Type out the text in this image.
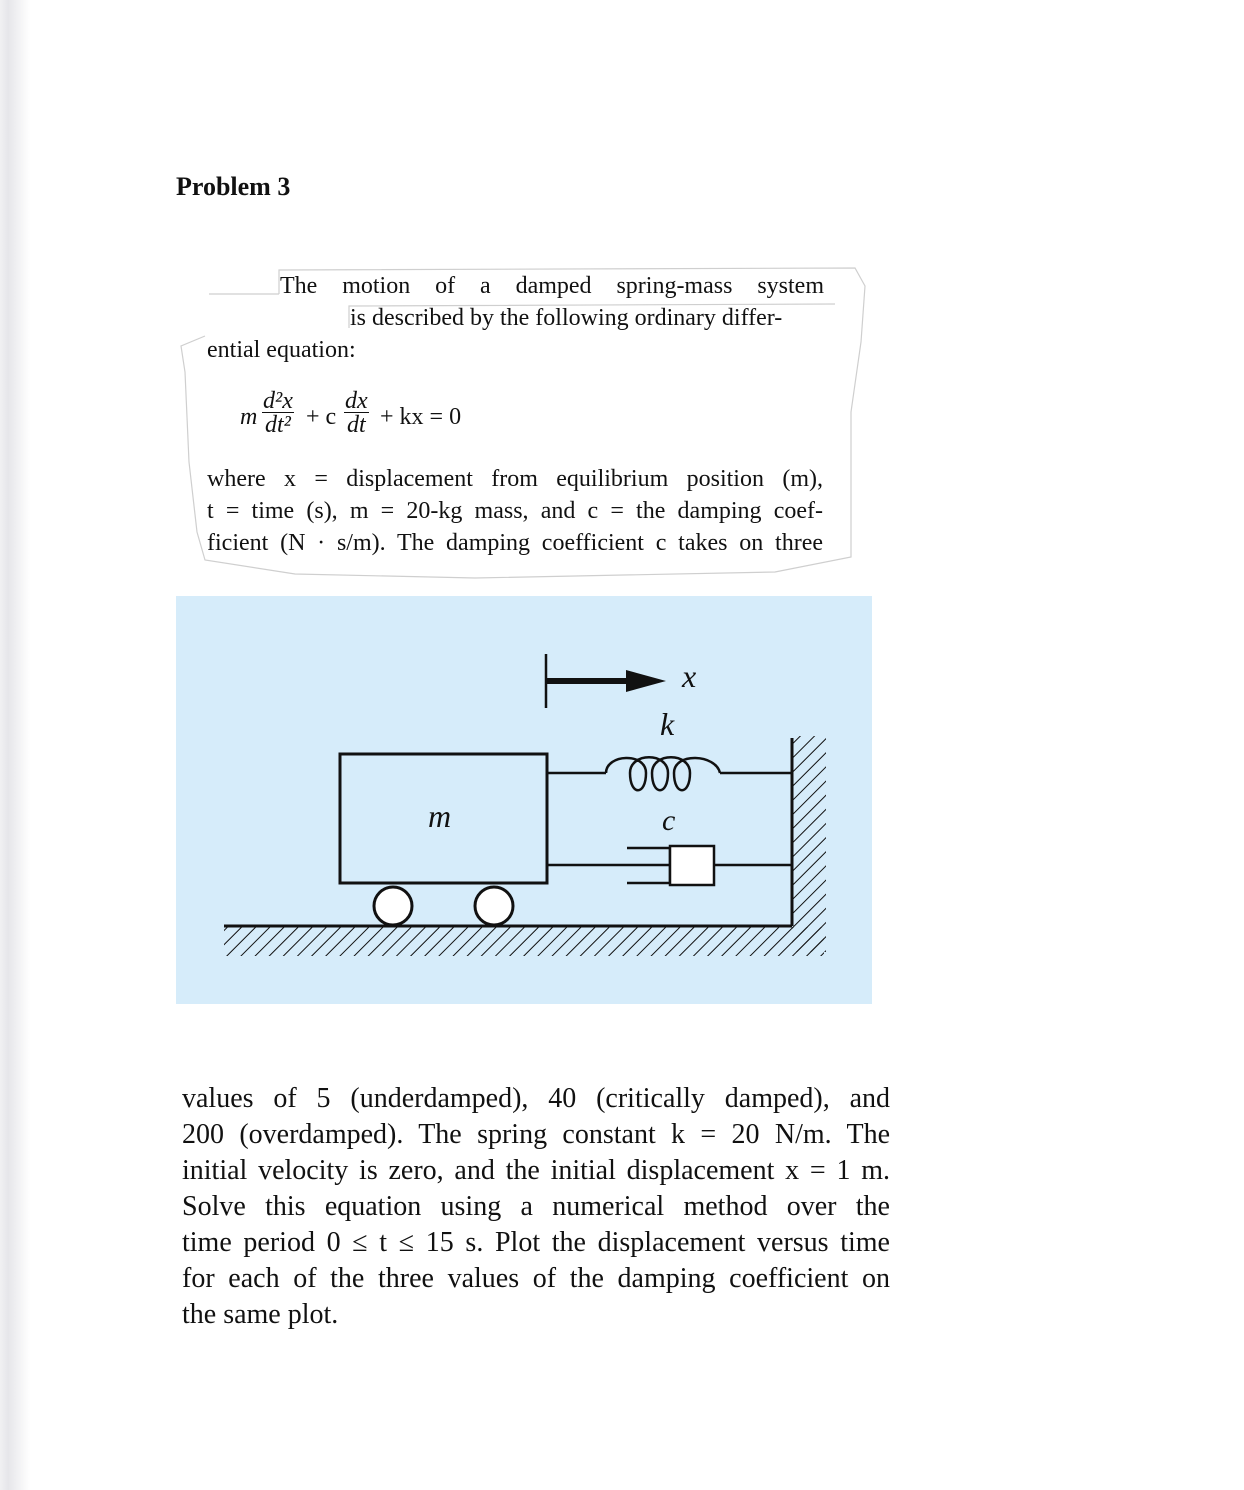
Problem 3
The motion of a damped spring-mass system
is described by the following ordinary differ-
ential equation:
m $\frac{\text{d²x}}{\text{dt²}} + c \frac{dx}{dt}$ + kx = 0
where x = displacement from equilibrium position (m),
t = time (s), m = 20-kg mass, and c = the damping coef-
ficient (N · s/m). The damping coefficient c takes on three
x
k
m	c
values of 5 (underdamped), 40 (critically damped), and
200 (overdamped). The spring constant k = 20 N/m. The
initial velocity is zero, and the initial displacement x = 1 m.
Solve this equation using a numerical method over the
time period 0 ≤ t ≤ 15 s. Plot the displacement versus time
for each of the three values of the damping coefficient on
the same plot.
